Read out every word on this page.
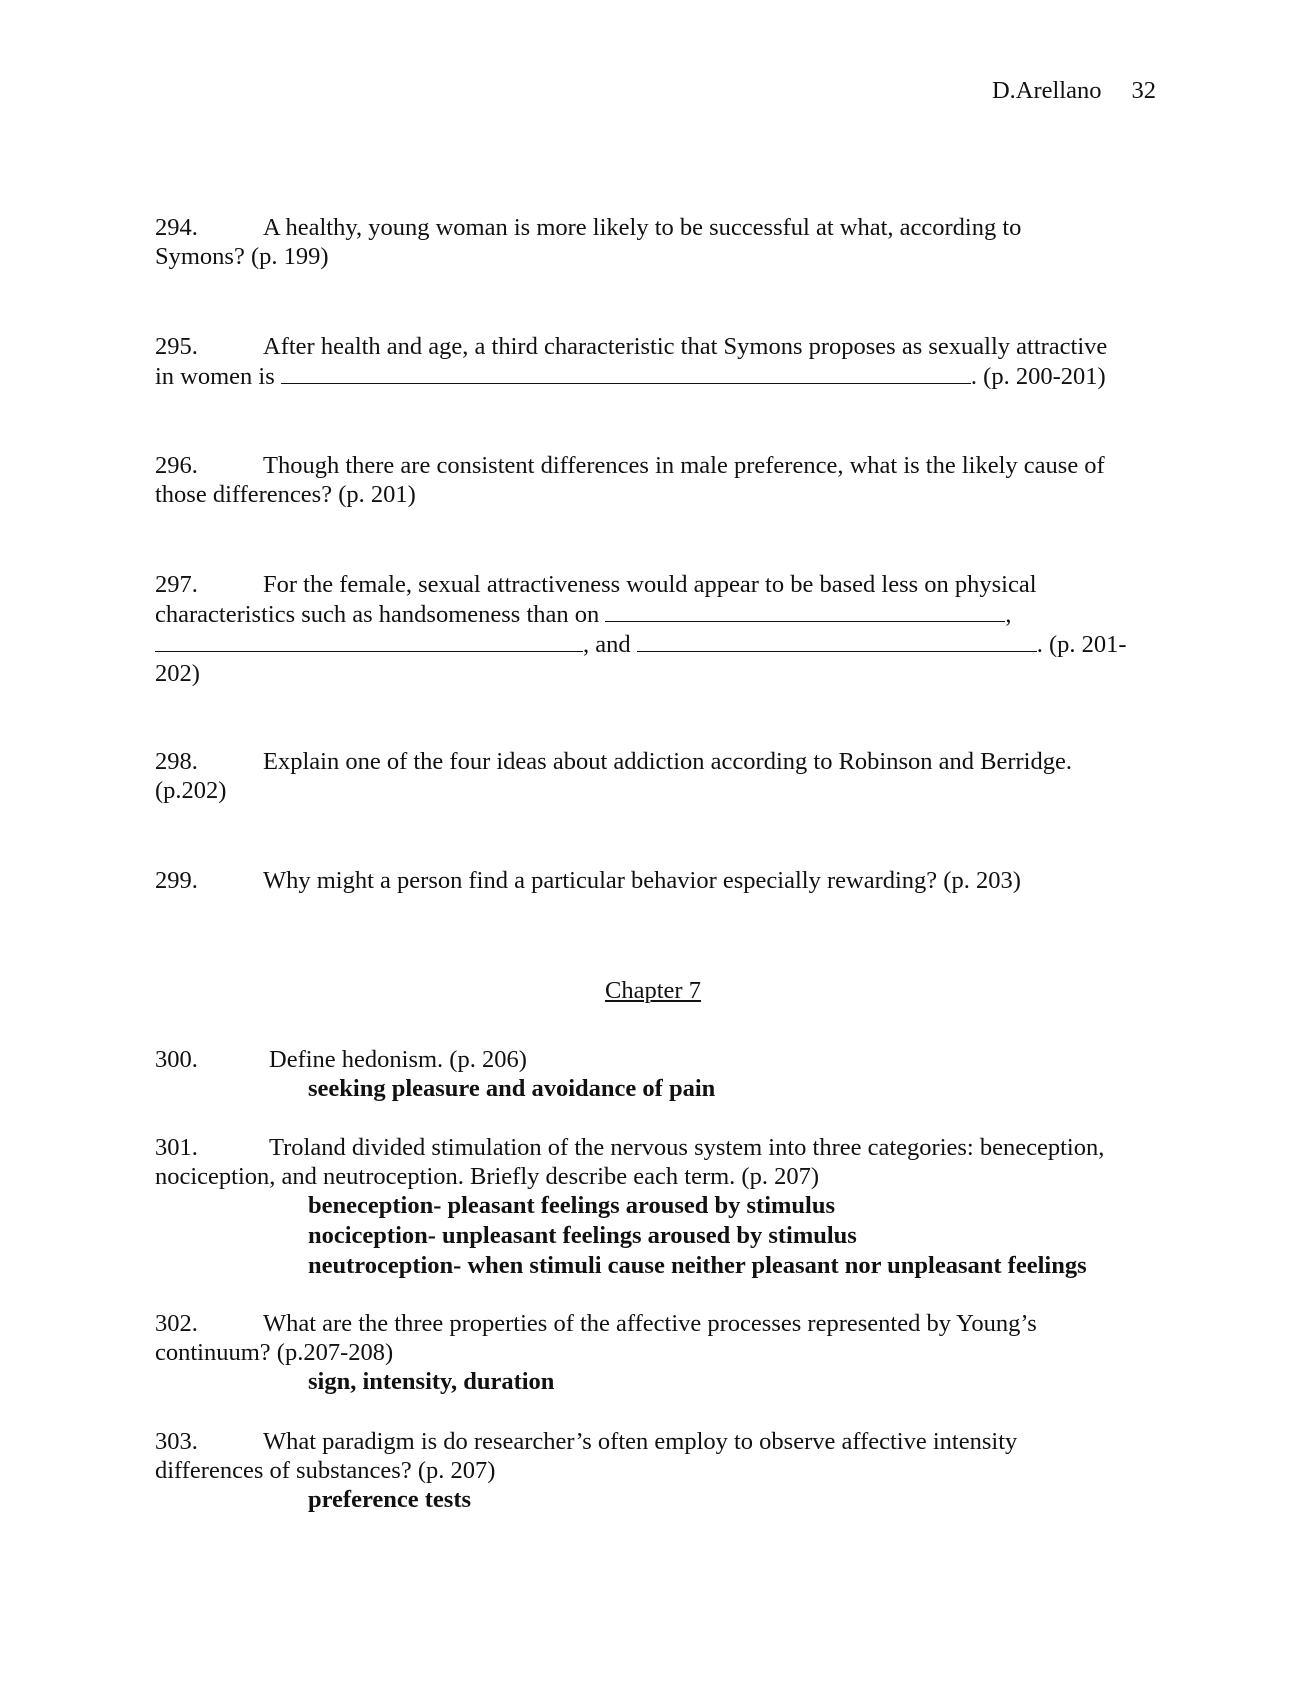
D.Arellano 32
294.	A healthy, young woman is more likely to be successful at what, according to
Symons? (p. 199)
295.	After health and age, a third characteristic that Symons proposes as sexually attractive
in women is	. (p. 200-201)
296.	Though there are consistent differences in male preference, what is the likely cause of
those differences? (p. 201)
297.	For the female, sexual attractiveness would appear to be based less on physical
characteristics such as handsomeness than on	,
, and	. (p. 201-
202)
298.	Explain one of the four ideas about addiction according to Robinson and Berridge.
(p.202)
299.	Why might a person find a particular behavior especially rewarding? (p. 203)
Chapter 7
300.	Define hedonism. (p. 206)
seeking pleasure and avoidance of pain
301.	Troland divided stimulation of the nervous system into three categories: beneception,
nociception, and neutroception. Briefly describe each term. (p. 207)
beneception- pleasant feelings aroused by stimulus
nociception- unpleasant feelings aroused by stimulus
neutroception- when stimuli cause neither pleasant nor unpleasant feelings
302.	What are the three properties of the affective processes represented by Young’s
continuum? (p.207-208)
sign, intensity, duration
303.	What paradigm is do researcher’s often employ to observe affective intensity
differences of substances? (p. 207)
preference tests
